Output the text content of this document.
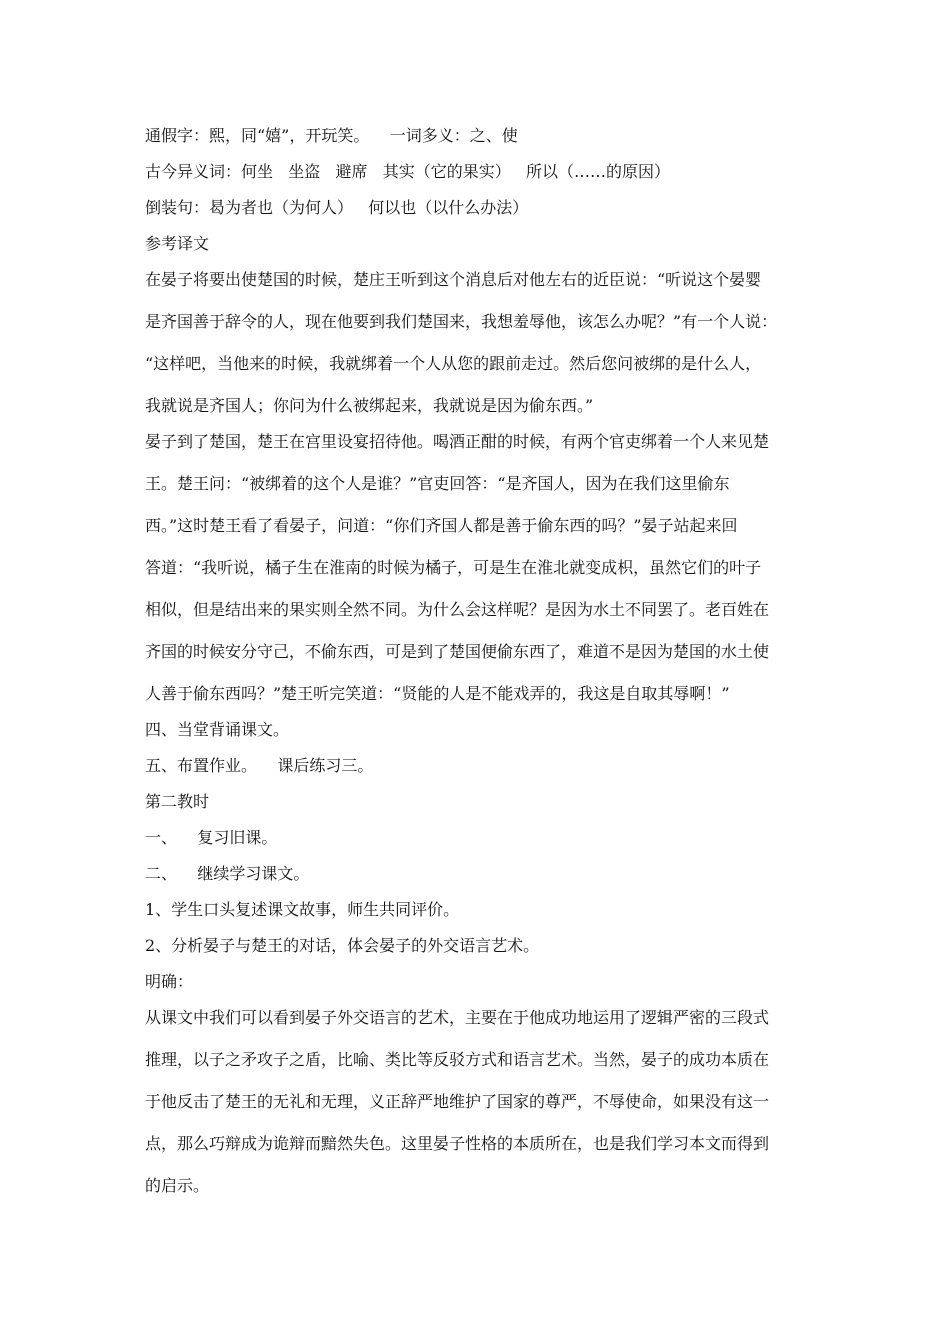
通假字：熙，同“嬉”，开玩笑。    一词多义：之、使

古今异义词：何坐   坐盗   避席   其实（它的果实）   所以（……的原因）

倒装句：曷为者也（为何人）   何以也（以什么办法）

参考译文

在晏子将要出使楚国的时候，楚庄王听到这个消息后对他左右的近臣说：“听说这个晏婴

是齐国善于辞令的人，现在他要到我们楚国来，我想羞辱他，该怎么办呢？”有一个人说：

“这样吧，当他来的时候，我就绑着一个人从您的跟前走过。然后您问被绑的是什么人，

我就说是齐国人；你问为什么被绑起来，我就说是因为偷东西。”

晏子到了楚国，楚王在宫里设宴招待他。喝酒正酣的时候，有两个官吏绑着一个人来见楚

王。楚王问：“被绑着的这个人是谁？”官吏回答：“是齐国人，因为在我们这里偷东

西。”这时楚王看了看晏子，问道：“你们齐国人都是善于偷东西的吗？”晏子站起来回

答道：“我听说，橘子生在淮南的时候为橘子，可是生在淮北就变成枳，虽然它们的叶子

相似，但是结出来的果实则全然不同。为什么会这样呢？是因为水土不同罢了。老百姓在

齐国的时候安分守己，不偷东西，可是到了楚国便偷东西了，难道不是因为楚国的水土使

人善于偷东西吗？”楚王听完笑道：“贤能的人是不能戏弄的，我这是自取其辱啊！”

四、当堂背诵课文。

五、布置作业。    课后练习三。

第二教时

一、    复习旧课。

二、    继续学习课文。

1、学生口头复述课文故事，师生共同评价。

2、分析晏子与楚王的对话，体会晏子的外交语言艺术。

明确：

从课文中我们可以看到晏子外交语言的艺术，主要在于他成功地运用了逻辑严密的三段式

推理，以子之矛攻子之盾，比喻、类比等反驳方式和语言艺术。当然，晏子的成功本质在

于他反击了楚王的无礼和无理，义正辞严地维护了国家的尊严，不辱使命，如果没有这一

点，那么巧辩成为诡辩而黯然失色。这里晏子性格的本质所在，也是我们学习本文而得到

的启示。
